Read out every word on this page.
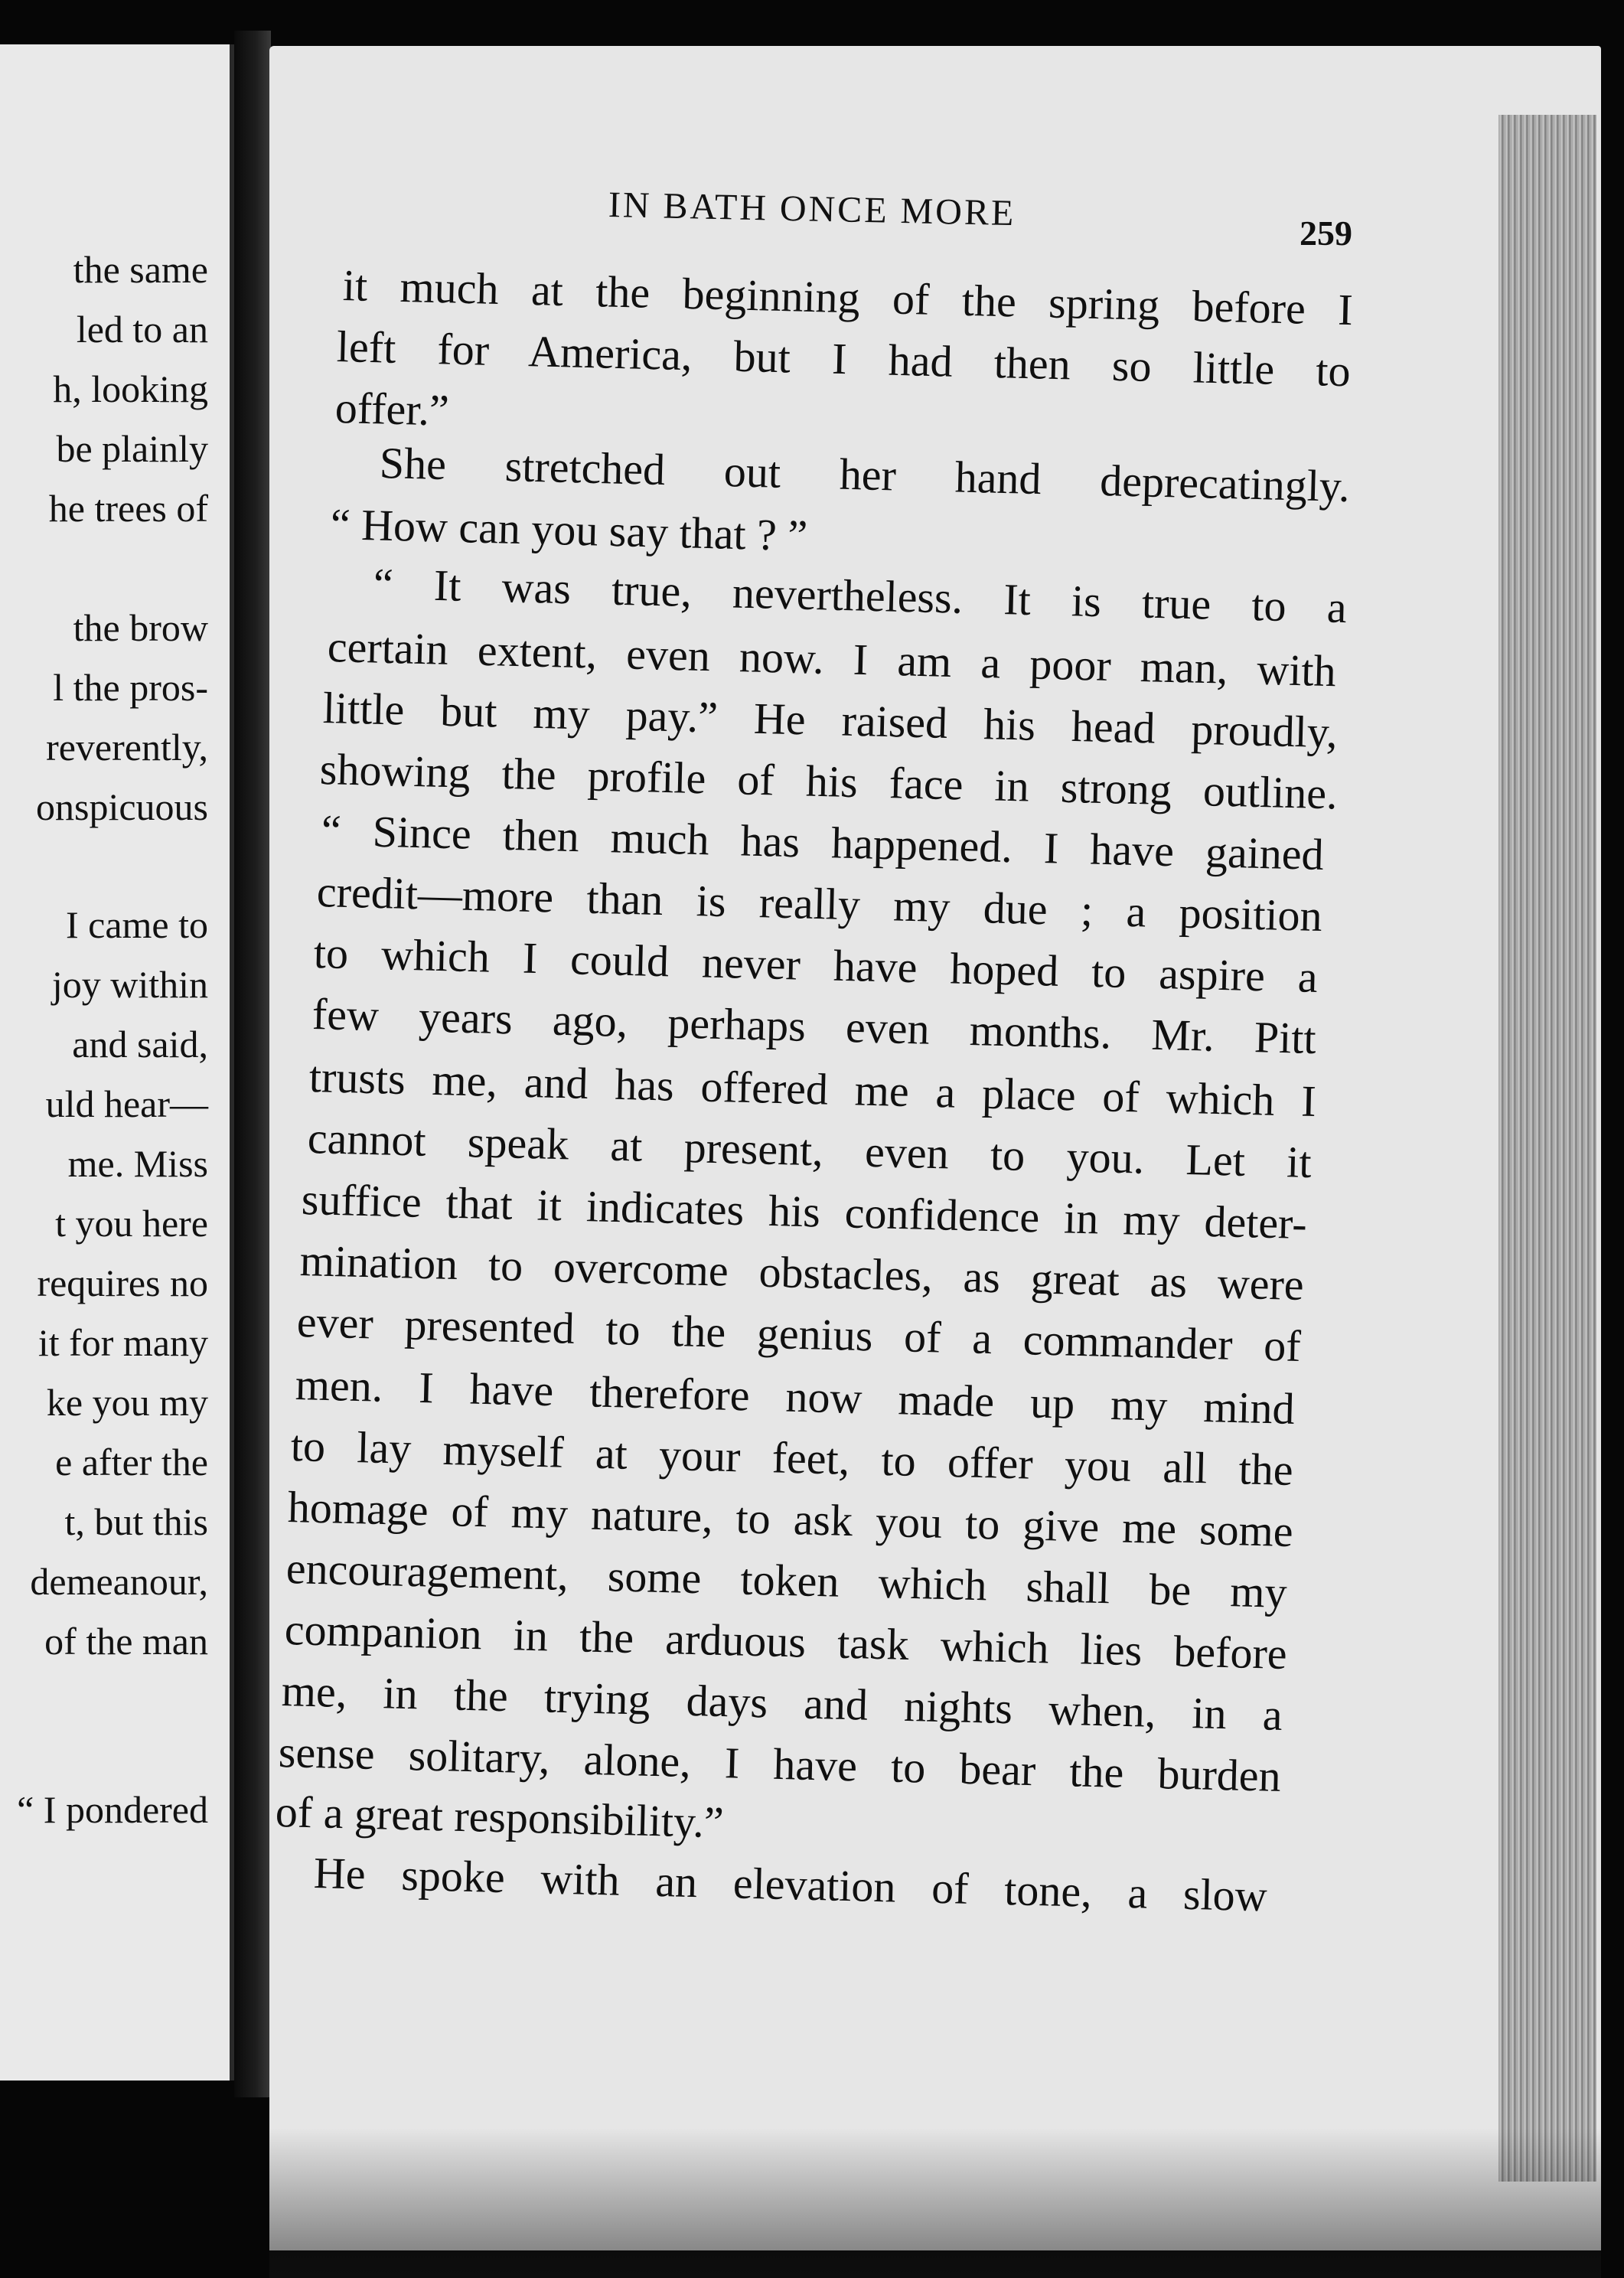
the same
led to an
h, looking
be plainly
he trees of
the brow
l the pros-
reverently,
onspicuous
I came to
joy within
and said,
uld hear—
me. Miss
t you here
requires no
it for many
ke you my
e after the
t, but this
demeanour,
of the man
“ I pondered
IN BATH ONCE MORE	259
it much at the beginning of the spring before I
left for America, but I had then so little to
offer.”
She stretched out her hand deprecatingly.
“ How can you say that ? ”
“ It was true, nevertheless. It is true to a
certain extent, even now. I am a poor man, with
little but my pay.” He raised his head proudly,
showing the profile of his face in strong outline.
“ Since then much has happened. I have gained
credit—more than is really my due ; a position
to which I could never have hoped to aspire a
few years ago, perhaps even months. Mr. Pitt
trusts me, and has offered me a place of which I
cannot speak at present, even to you. Let it
suffice that it indicates his confidence in my deter-
mination to overcome obstacles, as great as were
ever presented to the genius of a commander of
men. I have therefore now made up my mind
to lay myself at your feet, to offer you all the
homage of my nature, to ask you to give me some
encouragement, some token which shall be my
companion in the arduous task which lies before
me, in the trying days and nights when, in a
sense solitary, alone, I have to bear the burden
of a great responsibility.”
He spoke with an elevation of tone, a slow
